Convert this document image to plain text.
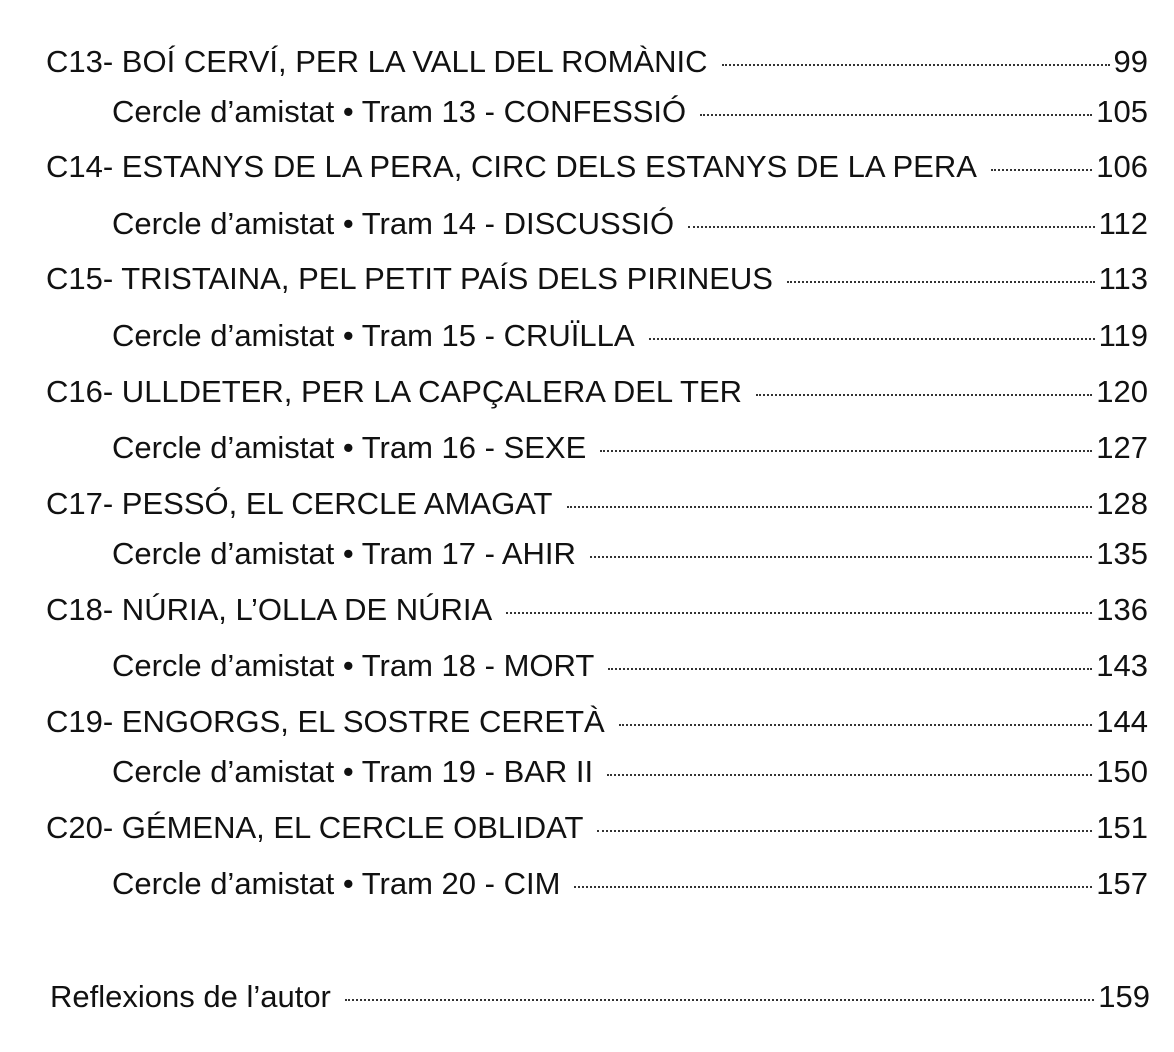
C13- BOÍ CERVÍ, PER LA VALL DEL ROMÀNIC	99
Cercle d’amistat • Tram 13 - CONFESSIÓ	105
C14- ESTANYS DE LA PERA, CIRC DELS ESTANYS DE LA PERA	106
Cercle d’amistat • Tram 14 - DISCUSSIÓ	112
C15- TRISTAINA, PEL PETIT PAÍS DELS PIRINEUS	113
Cercle d’amistat • Tram 15 - CRUÏLLA	119
C16- ULLDETER, PER LA CAPÇALERA DEL TER	120
Cercle d’amistat • Tram 16 - SEXE	127
C17- PESSÓ, EL CERCLE AMAGAT	128
Cercle d’amistat • Tram 17 - AHIR	135
C18- NÚRIA, L’OLLA DE NÚRIA	136
Cercle d’amistat • Tram 18 - MORT	143
C19- ENGORGS, EL SOSTRE CERETÀ	144
Cercle d’amistat • Tram 19 - BAR II	150
C20- GÉMENA, EL CERCLE OBLIDAT	151
Cercle d’amistat • Tram 20 - CIM	157
Reflexions de l’autor	159
